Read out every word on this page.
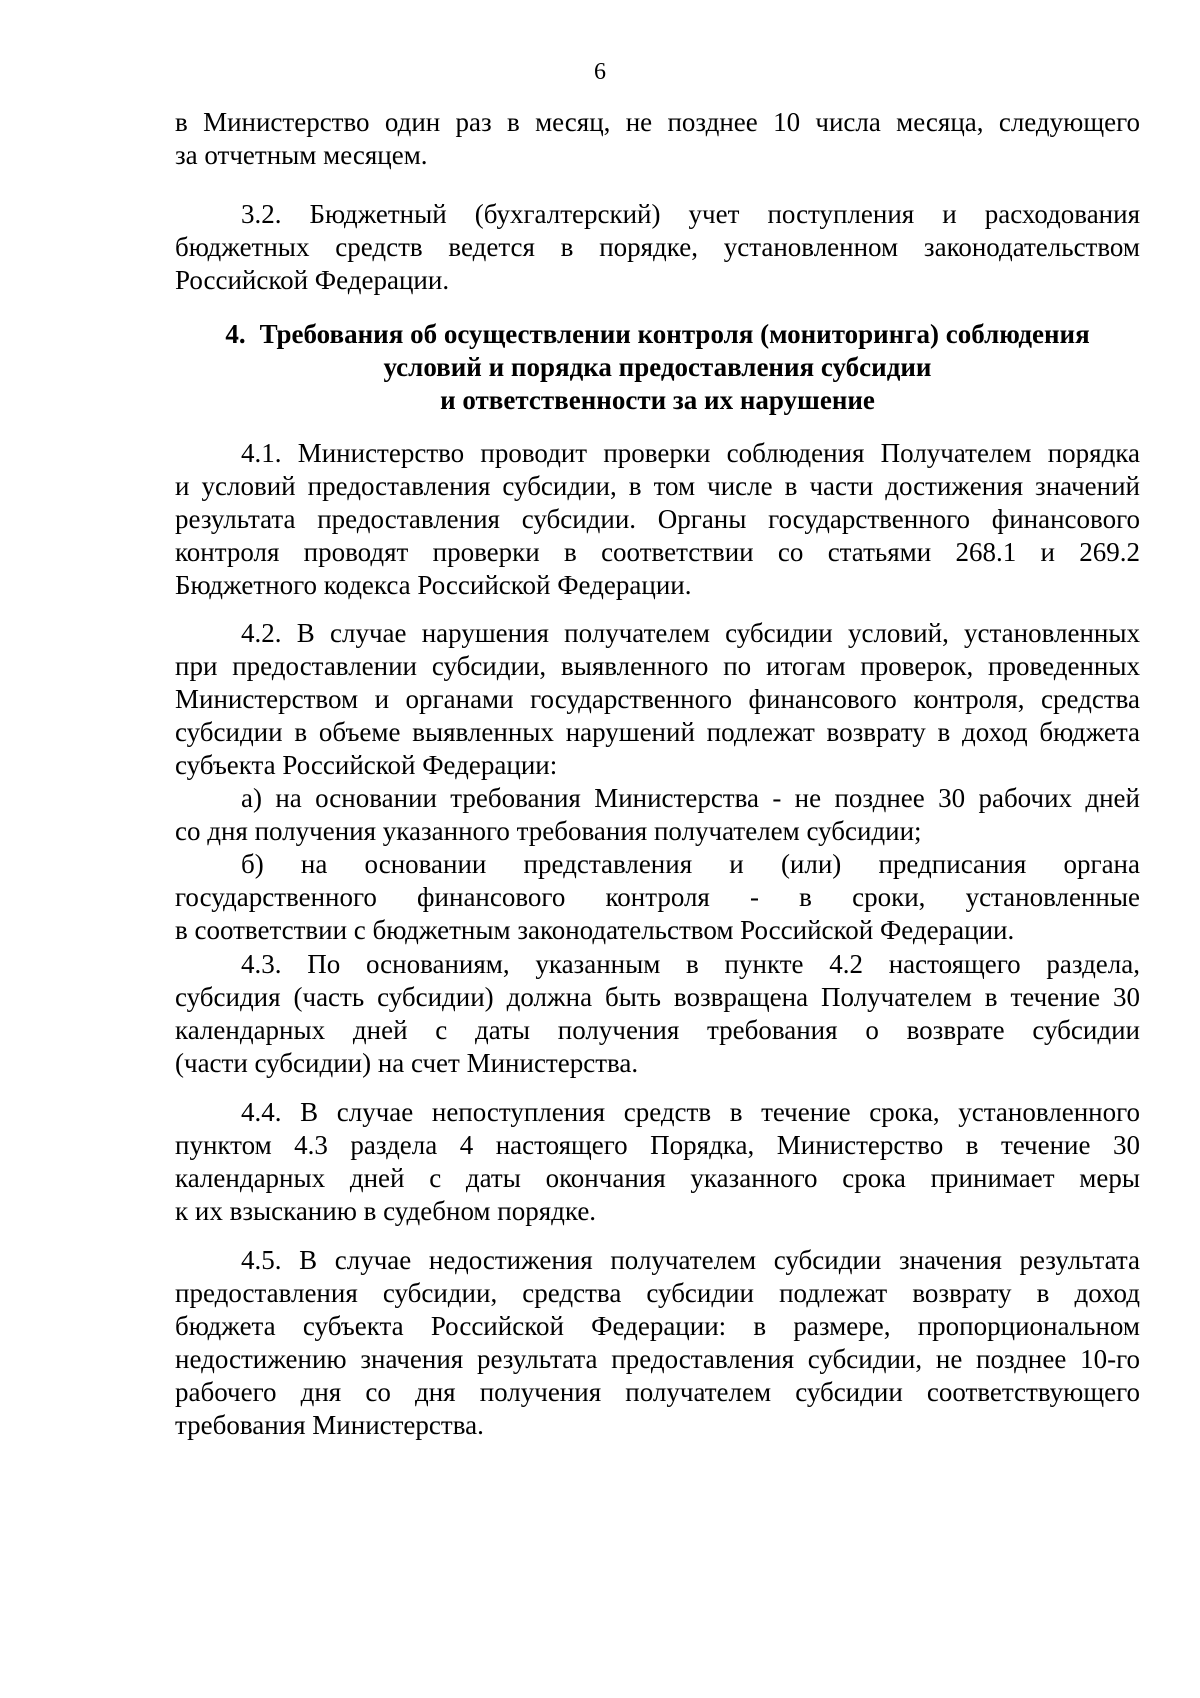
6
в Министерство один раз в месяц, не позднее 10 числа месяца, следующего
за отчетным месяцем.
3.2. Бюджетный (бухгалтерский) учет поступления и расходования
бюджетных средств ведется в порядке, установленном законодательством
Российской Федерации.
4. Требования об осуществлении контроля (мониторинга) соблюдения
условий и порядка предоставления субсидии
и ответственности за их нарушение
4.1. Министерство проводит проверки соблюдения Получателем порядка
и условий предоставления субсидии, в том числе в части достижения значений
результата предоставления субсидии. Органы государственного финансового
контроля проводят проверки в соответствии со статьями 268.1 и 269.2
Бюджетного кодекса Российской Федерации.
4.2. В случае нарушения получателем субсидии условий, установленных
при предоставлении субсидии, выявленного по итогам проверок, проведенных
Министерством и органами государственного финансового контроля, средства
субсидии в объеме выявленных нарушений подлежат возврату в доход бюджета
субъекта Российской Федерации:
а) на основании требования Министерства - не позднее 30 рабочих дней
со дня получения указанного требования получателем субсидии;
б) на основании представления и (или) предписания органа
государственного финансового контроля - в сроки, установленные
в соответствии с бюджетным законодательством Российской Федерации.
4.3. По основаниям, указанным в пункте 4.2 настоящего раздела,
субсидия (часть субсидии) должна быть возвращена Получателем в течение 30
календарных дней с даты получения требования о возврате субсидии
(части субсидии) на счет Министерства.
4.4. В случае непоступления средств в течение срока, установленного
пунктом 4.3 раздела 4 настоящего Порядка, Министерство в течение 30
календарных дней с даты окончания указанного срока принимает меры
к их взысканию в судебном порядке.
4.5. В случае недостижения получателем субсидии значения результата
предоставления субсидии, средства субсидии подлежат возврату в доход
бюджета субъекта Российской Федерации: в размере, пропорциональном
недостижению значения результата предоставления субсидии, не позднее 10-го
рабочего дня со дня получения получателем субсидии соответствующего
требования Министерства.
